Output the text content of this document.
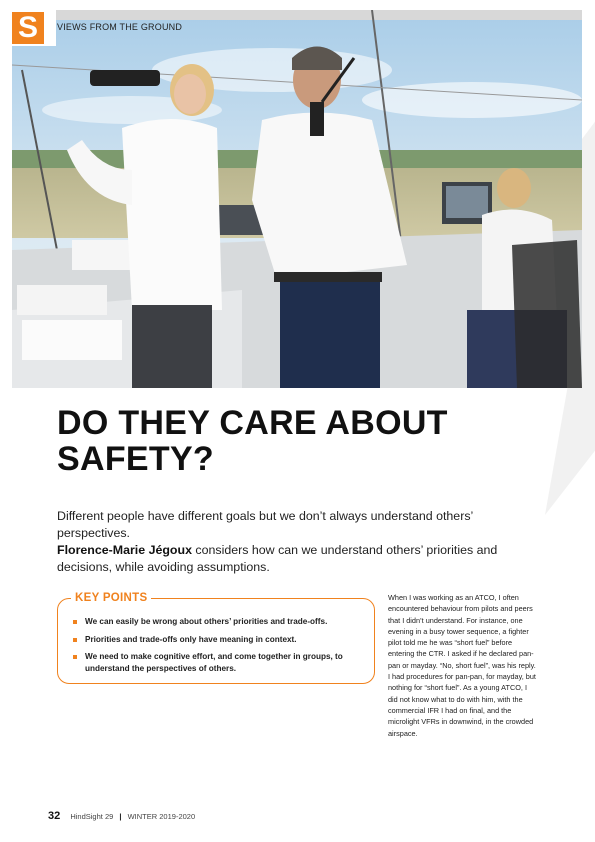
S	VIEWS FROM THE GROUND
DO THEY CARE ABOUT SAFETY?

Different people have different goals but we don’t always understand others’ perspectives.
Florence-Marie Jégoux considers how can we understand others’ priorities and decisions, while avoiding assumptions.

KEY POINTS
We can easily be wrong about others’ priorities and trade-offs.
Priorities and trade-offs only have meaning in context.
We need to make cognitive effort, and come together in groups, to understand the perspectives of others.

When I was working as an ATCO, I often encountered behaviour from pilots and peers that I didn’t understand. For instance, one evening in a busy tower sequence, a fighter pilot told me he was “short fuel” before entering the CTR. I asked if he declared pan-pan or mayday. “No, short fuel”, was his reply. I had procedures for pan-pan, for mayday, but nothing for “short fuel”. As a young ATCO, I did not know what to do with him, with the commercial IFR I had on final, and the microlight VFRs in downwind, in the crowded airspace.

32 HindSight 29 | WINTER 2019-2020
